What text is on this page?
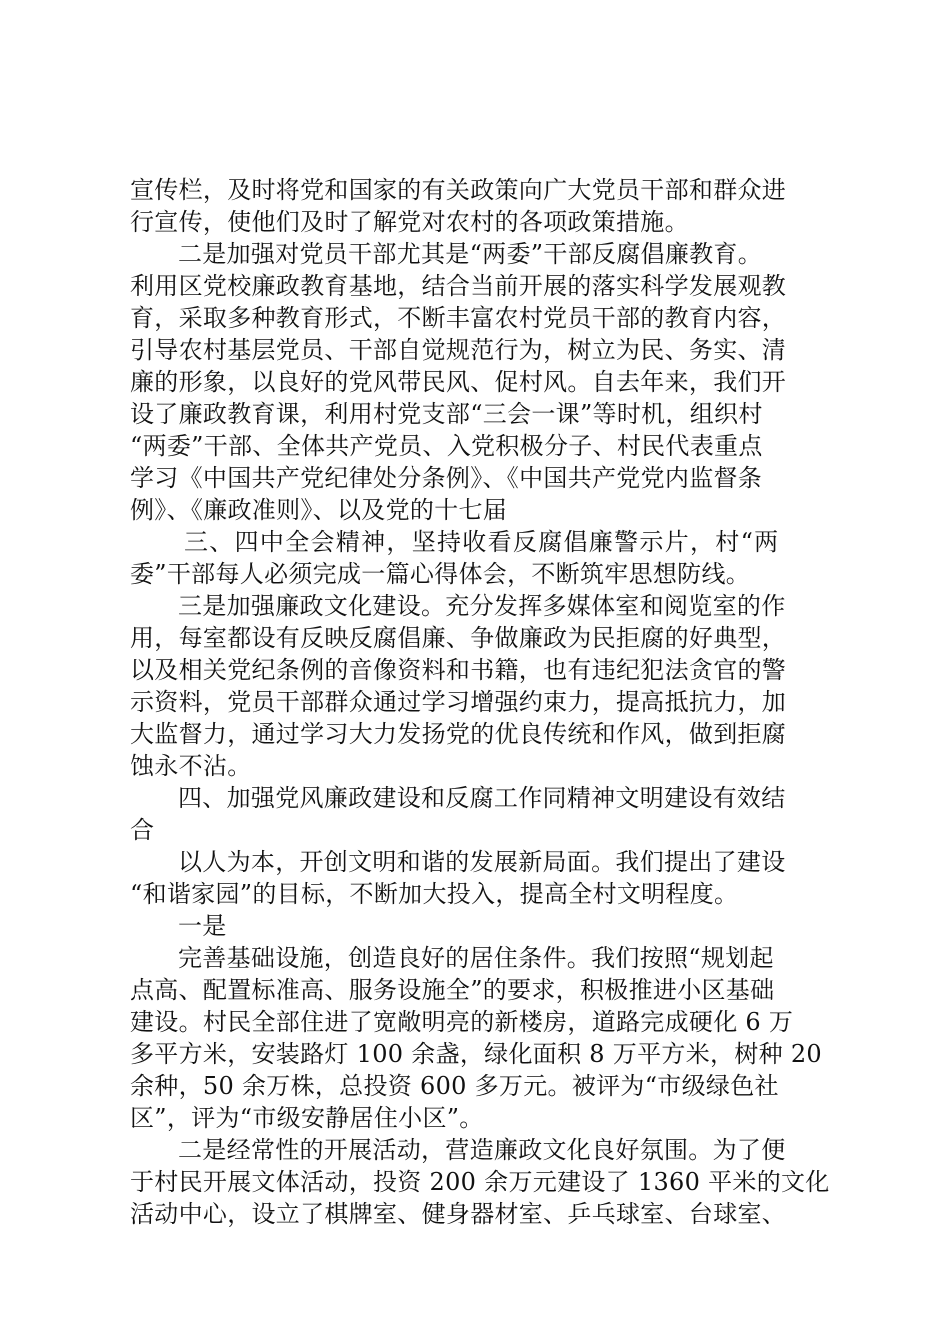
宣传栏，及时将党和国家的有关政策向广大党员干部和群众进
行宣传，使他们及时了解党对农村的各项政策措施。
二是加强对党员干部尤其是“两委”干部反腐倡廉教育。
利用区党校廉政教育基地，结合当前开展的落实科学发展观教
育，采取多种教育形式，不断丰富农村党员干部的教育内容，
引导农村基层党员、干部自觉规范行为，树立为民、务实、清
廉的形象，以良好的党风带民风、促村风。自去年来，我们开
设了廉政教育课，利用村党支部“三会一课”等时机，组织村
“两委”干部、全体共产党员、入党积极分子、村民代表重点
学习《中国共产党纪律处分条例》、《中国共产党党内监督条
例》、《廉政准则》、以及党的十七届
三、四中全会精神，坚持收看反腐倡廉警示片，村“两
委”干部每人必须完成一篇心得体会，不断筑牢思想防线。
三是加强廉政文化建设。充分发挥多媒体室和阅览室的作
用，每室都设有反映反腐倡廉、争做廉政为民拒腐的好典型，
以及相关党纪条例的音像资料和书籍，也有违纪犯法贪官的警
示资料，党员干部群众通过学习增强约束力，提高抵抗力，加
大监督力，通过学习大力发扬党的优良传统和作风，做到拒腐
蚀永不沾。
四、加强党风廉政建设和反腐工作同精神文明建设有效结
合
以人为本，开创文明和谐的发展新局面。我们提出了建设
“和谐家园”的目标，不断加大投入，提高全村文明程度。
一是
完善基础设施，创造良好的居住条件。我们按照“规划起
点高、配置标准高、服务设施全”的要求，积极推进小区基础
建设。村民全部住进了宽敞明亮的新楼房，道路完成硬化 6 万
多平方米，安装路灯 100 余盏，绿化面积 8 万平方米，树种 20
余种，50 余万株，总投资 600 多万元。被评为“市级绿色社
区”，评为“市级安静居住小区”。
二是经常性的开展活动，营造廉政文化良好氛围。为了便
于村民开展文体活动，投资 200 余万元建设了 1360 平米的文化
活动中心，设立了棋牌室、健身器材室、乒乓球室、台球室、
